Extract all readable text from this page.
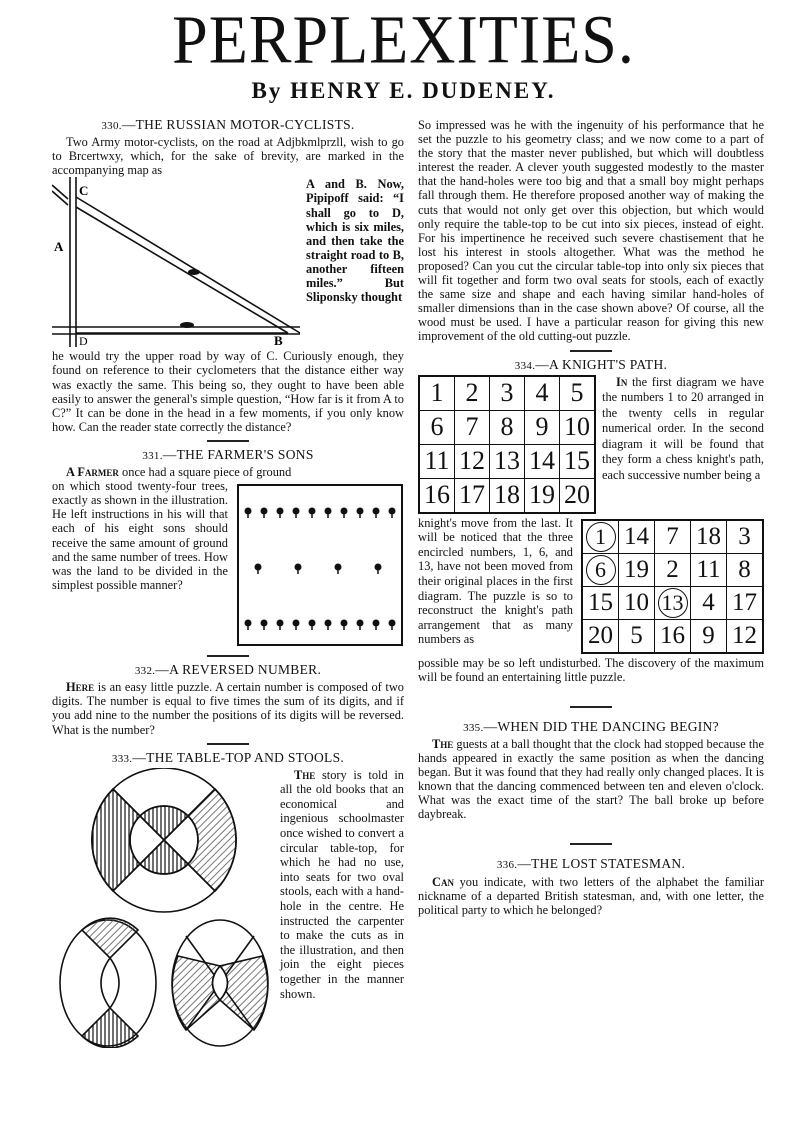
PERPLEXITIES.
By HENRY E. DUDENEY.
330.—THE RUSSIAN MOTOR-CYCLISTS.

Two Army motor-cyclists, on the road at Adjbkmlprzll, wish to go to Brcertwxy, which, for the sake of brevity, are marked in the accompanying map as

C
A
D	B

A and B. Now, Pipipoff said: “I shall go to D, which is six miles, and then take the straight road to B, another fifteen miles.” But Sliponsky thought

he would try the upper road by way of C. Curiously enough, they found on reference to their cyclometers that the distance either way was exactly the same. This being so, they ought to have been able easily to answer the general's simple question, “How far is it from A to C?” It can be done in the head in a few moments, if you only know how. Can the reader state correctly the distance?

331.—THE FARMER'S SONS

A Farmer once had a square piece of ground

on which stood twenty-four trees, exactly as shown in the illustration. He left instructions in his will that each of his eight sons should receive the same amount of ground and the same number of trees. How was the land to be divided in the simplest possible manner?

332.—A REVERSED NUMBER.

Here is an easy little puzzle. A certain number is composed of two digits. The number is equal to five times the sum of its digits, and if you add nine to the number the positions of its digits will be reversed. What is the number?

333.—THE TABLE-TOP AND STOOLS.

The story is told in all the old books that an economical and ingenious schoolmaster once wished to convert a circular table-top, for which he had no use, into seats for two oval stools, each with a hand-hole in the centre. He instructed the carpenter to make the cuts as in the illustration, and then join the eight pieces together in the manner shown.

So impressed was he with the ingenuity of his performance that he set the puzzle to his geometry class; and we now come to a part of the story that the master never published, but which will doubtless interest the reader. A clever youth suggested modestly to the master that the hand-holes were too big and that a small boy might perhaps fall through them. He therefore proposed another way of making the cuts that would not only get over this objection, but which would only require the table-top to be cut into six pieces, instead of eight. For his impertinence he received such severe chastisement that he lost his interest in stools altogether. What was the method he proposed? Can you cut the circular table-top into only six pieces that will fit together and form two oval seats for stools, each of exactly the same size and shape and each having similar hand-holes of smaller dimensions than in the case shown above? Of course, all the wood must be used. I have a particular reason for giving this new improvement of the old cutting-out puzzle.

334.—A KNIGHT'S PATH.
1	2	3	4	5
6	7	8	9	10
11	12	13	14	15
16	17	18	19	20

In the first diagram we have the numbers 1 to 20 arranged in the twenty cells in regular numerical order. In the second diagram it will be found that they form a chess knight's path, each successive number being a

1	14	7	18	3
6	19	2	11	8
15	10	13	4	17
20	5	16	9	12

knight's move from the last. It will be noticed that the three encircled numbers, 1, 6, and 13, have not been moved from their original places in the first diagram. The puzzle is so to reconstruct the knight's path arrangement that as many numbers as

possible may be so left undisturbed. The discovery of the maximum will be found an entertaining little puzzle.

335.—WHEN DID THE DANCING BEGIN?

The guests at a ball thought that the clock had stopped because the hands appeared in exactly the same position as when the dancing began. But it was found that they had really only changed places. It is known that the dancing commenced between ten and eleven o'clock. What was the exact time of the start? The ball broke up before daybreak.

336.—THE LOST STATESMAN.

Can you indicate, with two letters of the alphabet the familiar nickname of a departed British statesman, and, with one letter, the political party to which he belonged?
